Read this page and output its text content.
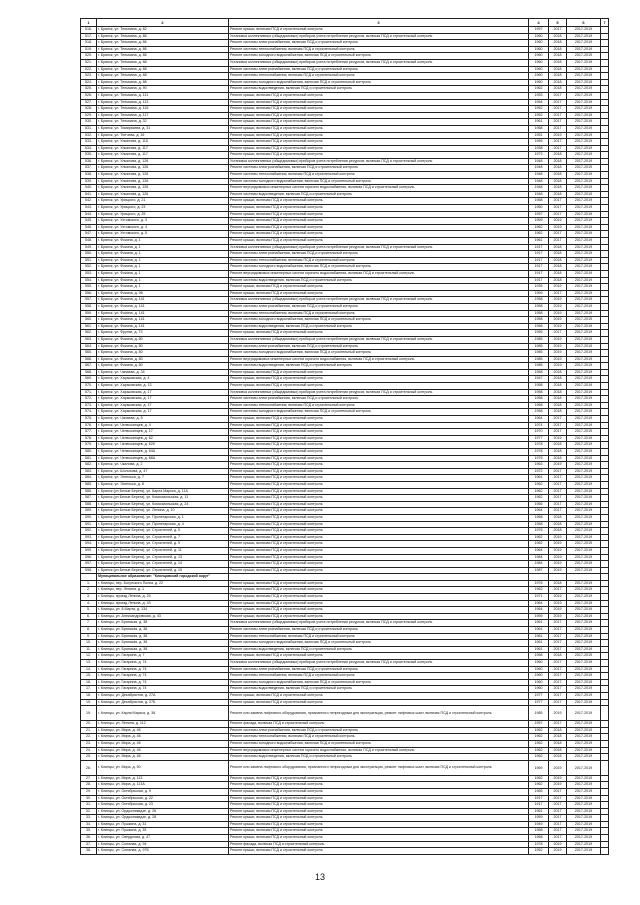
1	2	3	4	5	6	7
516.	г. Брянск, ул. Тельмана, д. 82	Ремонт крыши, включая ПСД и строительный контроль	1957	2017	2017-2019	
517.	г. Брянск, ул. Тельмана, д. 86	Установка коллективных (общедомовых) приборов учета потребления ресурсов, включая ПСД и строительный контроль	1960	2018	2017-2019	
518.	г. Брянск, ул. Тельмана, д. 86	Ремонт системы электроснабжения, включая ПСД и строительный контроль	1960	2018	2017-2019	
519.	г. Брянск, ул. Тельмана, д. 86	Ремонт системы теплоснабжения, включая ПСД и строительный контроль	1960	2018	2017-2019	
520.	г. Брянск, ул. Тельмана, д. 86	Ремонт системы холодного водоснабжения, включая ПСД и строительный контроль	1960	2018	2017-2019	
521.	г. Брянск, ул. Тельмана, д. 88	Установка коллективных (общедомовых) приборов учета потребления ресурсов, включая ПСД и строительный контроль	1960	2018	2017-2019	
522.	г. Брянск, ул. Тельмана, д. 88	Ремонт системы электроснабжения, включая ПСД и строительный контроль	1960	2018	2017-2019	
523.	г. Брянск, ул. Тельмана, д. 88	Ремонт системы теплоснабжения, включая ПСД и строительный контроль	1960	2018	2017-2019	
524.	г. Брянск, ул. Тельмана, д. 88	Ремонт системы холодного водоснабжения, включая ПСД и строительный контроль	1960	2018	2017-2019	
525.	г. Брянск, ул. Тельмана, д. 90	Ремонт системы водоотведения, включая ПСД и строительный контроль	1962	2018	2017-2019	
526.	г. Брянск, ул. Тельмана, д. 111	Ремонт крыши, включая ПСД и строительный контроль	1953	2017	2017-2019	
527.	г. Брянск, ул. Тельмана, д. 113	Ремонт крыши, включая ПСД и строительный контроль	1954	2017	2017-2019	
528.	г. Брянск, ул. Тельмана, д. 115	Ремонт крыши, включая ПСД и строительный контроль	1952	2017	2017-2019	
529.	г. Брянск, ул. Тельмана, д. 117	Ремонт крыши, включая ПСД и строительный контроль	1952	2017	2017-2019	
530.	г. Брянск, ул. Тельмана, д. 32	Ремонт крыши, включая ПСД и строительный контроль	1961	2017	2017-2019	
531.	г. Брянск, ул. Тимирязева, д. 31	Ремонт крыши, включая ПСД и строительный контроль	1958	2017	2017-2019	
532.	г. Брянск, ул. Тютчева, д. 16	Ремонт крыши, включая ПСД и строительный контроль	1951	2019	2017-2019	
533.	г. Брянск, ул. Ульянова, д. 115	Ремонт крыши, включая ПСД и строительный контроль	1955	2017	2017-2019	
534.	г. Брянск, ул. Ульянова, д. 117	Ремонт крыши, включая ПСД и строительный контроль	1938	2017	2017-2019	
535.	г. Брянск, ул. Ульянова, д. 117	Ремонт крыши, включая ПСД и строительный контроль	1973	2018	2017-2019	
536.	г. Брянск, ул. Ульянова, д. 126	Установка коллективных (общедомовых) приборов учета потребления ресурсов, включая ПСД и строительный контроль	1948	2018	2017-2019	
537.	г. Брянск, ул. Ульянова, д. 126	Ремонт системы электроснабжения, включая ПСД и строительный контроль	1948	2018	2017-2019	
538.	г. Брянск, ул. Ульянова, д. 126	Ремонт системы теплоснабжения, включая ПСД и строительный контроль	1948	2018	2017-2019	
539.	г. Брянск, ул. Ульянова, д. 126	Ремонт системы холодного водоснабжения, включая ПСД и строительный контроль	1948	2018	2017-2019	
540.	г. Брянск, ул. Ульянова, д. 126	Ремонт внутридомовых инженерных систем горячего водоснабжения, включая ПСД и строительный контроль	1948	2018	2017-2019	
541.	г. Брянск, ул. Ульянова, д. 126	Ремонт системы водоотведения, включая ПСД и строительный контроль	1948	2018	2017-2019	
542.	г. Брянск, ул. Урицкого, д. 21	Ремонт крыши, включая ПСД и строительный контроль	1958	2017	2017-2019	
543.	г. Брянск, ул. Урицкого, д. 23	Ремонт крыши, включая ПСД и строительный контроль	1950	2017	2017-2019	
544.	г. Брянск, ул. Урицкого, д. 25	Ремонт крыши, включая ПСД и строительный контроль	1957	2017	2017-2019	
545.	г. Брянск, ул. Ухтомского, д. 3	Ремонт крыши, включая ПСД и строительный контроль	1959	2019	2017-2019	
546.	г. Брянск, ул. Ухтомского, д. 4	Ремонт крыши, включая ПСД и строительный контроль	1962	2019	2017-2019	
547.	г. Брянск, ул. Ухтомского, д. 5	Ремонт крыши, включая ПСД и строительный контроль	1962	2017	2017-2019	
548.	г. Брянск, ул. Фокина, д. 1	Ремонт крыши, включая ПСД и строительный контроль	1961	2017	2017-2019	
549.	г. Брянск, ул. Фокина, д. 1	Установка коллективных (общедомовых) приборов учета потребления ресурсов, включая ПСД и строительный контроль	1917	2018	2017-2019	
550.	г. Брянск, ул. Фокина, д. 1	Ремонт системы электроснабжения, включая ПСД и строительный контроль	1917	2018	2017-2019	
551.	г. Брянск, ул. Фокина, д. 1	Ремонт системы теплоснабжения, включая ПСД и строительный контроль	1917	2018	2017-2019	
552.	г. Брянск, ул. Фокина, д. 1	Ремонт системы холодного водоснабжения, включая ПСД и строительный контроль	1917	2018	2017-2019	
553.	г. Брянск, ул. Фокина, д. 1	Ремонт внутридомовых инженерных систем горячего водоснабжения, включая ПСД и строительный контроль	1917	2018	2017-2019	
554.	г. Брянск, ул. Фокина, д. 1	Ремонт системы водоотведения, включая ПСД и строительный контроль	1917	2018	2017-2019	
555.	г. Брянск, ул. Фокина, д. 1	Ремонт крыши, включая ПСД и строительный контроль	1935	2019	2017-2019	
556.	г. Брянск, ул. Фокина, д. 98	Ремонт крыши, включая ПСД и строительный контроль	1959	2017	2017-2019	
557.	г. Брянск, ул. Фокина, д. 141	Установка коллективных (общедомовых) приборов учета потребления ресурсов, включая ПСД и строительный контроль	1958	2019	2017-2019	
558.	г. Брянск, ул. Фокина, д. 141	Ремонт системы электроснабжения, включая ПСД и строительный контроль	1958	2019	2017-2019	
559.	г. Брянск, ул. Фокина, д. 141	Ремонт системы теплоснабжения, включая ПСД и строительный контроль	1958	2019	2017-2019	
560.	г. Брянск, ул. Фокина, д. 141	Ремонт системы холодного водоснабжения, включая ПСД и строительный контроль	1958	2019	2017-2019	
561.	г. Брянск, ул. Фокина, д. 141	Ремонт системы водоотведения, включая ПСД и строительный контроль	1958	2019	2017-2019	
562.	г. Брянск, ул. Фрунзе, д. 73	Ремонт крыши, включая ПСД и строительный контроль	1955	2017	2017-2019	
563.	г. Брянск, ул. Фокина, д. 80	Установка коллективных (общедомовых) приборов учета потребления ресурсов, включая ПСД и строительный контроль	1985	2019	2017-2019	
564.	г. Брянск, ул. Фокина, д. 80	Ремонт системы электроснабжения, включая ПСД и строительный контроль	1985	2019	2017-2019	
565.	г. Брянск, ул. Фокина, д. 80	Ремонт системы холодного водоснабжения, включая ПСД и строительный контроль	1985	2019	2017-2019	
566.	г. Брянск, ул. Фокина, д. 80	Ремонт внутридомовых инженерных систем горячего водоснабжения, включая ПСД и строительный контроль	1985	2019	2017-2019	
567.	г. Брянск, ул. Фокина, д. 80	Ремонт системы водоотведения, включая ПСД и строительный контроль	1985	2019	2017-2019	
568.	г. Брянск, ул. Чапаева, д. 34	Ремонт крыши, включая ПСД и строительный контроль	1958	2018	2017-2019	
569.	г. Брянск, ул. Харьковская, д. 4	Ремонт крыши, включая ПСД и строительный контроль	1947	2018	2017-2019	
570.	г. Брянск, ул. Харьковская, д. 13	Ремонт крыши, включая ПСД и строительный контроль	1958	2018	2017-2019	
571.	г. Брянск, ул. Харьковская, д. 17	Установка коллективных (общедомовых) приборов учета потребления ресурсов, включая ПСД и строительный контроль	1958	2018	2017-2019	
572.	г. Брянск, ул. Харьковская, д. 17	Ремонт системы электроснабжения, включая ПСД и строительный контроль	1958	2018	2017-2019	
573.	г. Брянск, ул. Харьковская, д. 17	Ремонт системы теплоснабжения, включая ПСД и строительный контроль	1958	2018	2017-2019	
574.	г. Брянск, ул. Харьковская, д. 17	Ремонт системы холодного водоснабжения, включая ПСД и строительный контроль	1958	2018	2017-2019	
575.	г. Брянск, ул. Чапаева, д. 5	Ремонт крыши, включая ПСД и строительный контроль	1964	2017	2017-2019	
576.	г. Брянск, ул. Челюскинцев, д. 4	Ремонт крыши, включая ПСД и строительный контроль	1974	2017	2017-2019	
577.	г. Брянск, ул. Челюскинцев, д. 17	Ремонт крыши, включая ПСД и строительный контроль	1970	2017	2017-2019	
578.	г. Брянск, ул. Челюскинцев, д. 62	Ремонт крыши, включая ПСД и строительный контроль	1977	2019	2017-2019	
579.	г. Брянск, ул. Челюскинцев, д. 62б	Ремонт крыши, включая ПСД и строительный контроль	1978	2018	2017-2019	
580.	г. Брянск, ул. Челюскинцев, д. 64А	Ремонт крыши, включая ПСД и строительный контроль	1978	2018	2017-2019	
581.	г. Брянск, ул. Челюскинцев, д. 68А	Ремонт крыши, включая ПСД и строительный контроль	1976	2018	2017-2019	
582.	г. Брянск, ул. Чкалова, д. 2	Ремонт крыши, включая ПСД и строительный контроль	1963	2019	2017-2019	
583.	г. Брянск, ул. Шолохова, д. 47	Ремонт крыши, включая ПСД и строительный контроль	1972	2017	2017-2019	
584.	г. Брянск, ул. Энгельса, д. 7	Ремонт крыши, включая ПСД и строительный контроль	1961	2017	2017-2019	
585.	г. Брянск, ул. Энгельса, д. 8	Ремонт крыши, включая ПСД и строительный контроль	1962	2017	2017-2019	
586.	г. Брянск (рп Белые Берега), ул. Карла Маркса, д. 11А	Ремонт крыши, включая ПСД и строительный контроль	1962	2017	2017-2019	
587.	г. Брянск (рп Белые Берега), ул. Комсомольская, д. 11	Ремонт крыши, включая ПСД и строительный контроль	1962	2017	2017-2019	
588.	г. Брянск (рп Белые Берега), ул. Комсомольская, д. 24	Ремонт крыши, включая ПСД и строительный контроль	1956	2017	2017-2019	
589.	г. Брянск (рп Белые Берега), ул. Ленина, д. 10	Ремонт крыши, включая ПСД и строительный контроль	1964	2017	2017-2019	
590.	г. Брянск (рп Белые Берега), ул. Пролетарская, д. 1	Ремонт крыши, включая ПСД и строительный контроль	1958	2018	2017-2019	
591.	г. Брянск (рп Белые Берега), ул. Пролетарская, д. 4	Ремонт крыши, включая ПСД и строительный контроль	1958	2018	2017-2019	
592.	г. Брянск (рп Белые Берега), ул. Строителей, д. 5	Ремонт крыши, включая ПСД и строительный контроль	1976	2018	2017-2019	
593.	г. Брянск (рп Белые Берега), ул. Строителей, д. 7	Ремонт крыши, включая ПСД и строительный контроль	1962	2019	2017-2019	
594.	г. Брянск (рп Белые Берега), ул. Строителей, д. 9	Ремонт крыши, включая ПСД и строительный контроль	1962	2019	2017-2019	
595.	г. Брянск (рп Белые Берега), ул. Строителей, д. 11	Ремонт крыши, включая ПСД и строительный контроль	1964	2019	2017-2019	
596.	г. Брянск (рп Белые Берега), ул. Строителей, д. 13	Ремонт крыши, включая ПСД и строительный контроль	1984	2019	2017-2019	
597.	г. Брянск (рп Белые Берега), ул. Строителей, д. 14	Ремонт крыши, включая ПСД и строительный контроль	1984	2019	2017-2019	
598.	г. Брянск (рп Белые Берега), ул. Строителей, д. 15	Ремонт крыши, включая ПСД и строительный контроль	1987	2019	2017-2019	
	Муниципальное образование: "Клинцовский городской округ"					
1.	г. Клинцы, пер. Богунского Полка, д. 22	Ремонт крыши, включая ПСД и строительный контроль	1976	2018	2017-2019	
2.	г. Клинцы, пер. Ленина, д. 1	Ремонт крыши, включая ПСД и строительный контроль	1962	2017	2017-2019	
3.	г. Клинцы, проезд Ленина, д. 24	Ремонт крыши, включая ПСД и строительный контроль	1971	2019	2017-2019	
4.	г. Клинцы, проезд Ленина, д. 43	Ремонт крыши, включая ПСД и строительный контроль	1964	2019	2017-2019	
5.	г. Клинцы, ул. 8 Марта, д. 134	Ремонт крыши, включая ПСД и строительный контроль	1964	2019	2017-2019	
6.	г. Клинцы, ул. Александровская, д. 43	Ремонт крыши, включая ПСД и строительный контроль	1959	2019	2017-2019	
7.	г. Клинцы, ул. Брянская, д. 38	Установка коллективных (общедомовых) приборов учета потребления ресурсов, включая ПСД и строительный контроль	1961	2017	2017-2019	
8.	г. Клинцы, ул. Брянская, д. 38	Ремонт системы электроснабжения, включая ПСД и строительный контроль	1961	2017	2017-2019	
9.	г. Клинцы, ул. Брянская, д. 38	Ремонт системы теплоснабжения, включая ПСД и строительный контроль	1961	2017	2017-2019	
10.	г. Клинцы, ул. Брянская, д. 38	Ремонт системы холодного водоснабжения, включая ПСД и строительный контроль	1961	2017	2017-2019	
11.	г. Клинцы, ул. Брянская, д. 38	Ремонт системы водоотведения, включая ПСД и строительный контроль	1961	2017	2017-2019	
12.	г. Клинцы, ул. Гагарина, д. 7	Ремонт крыши, включая ПСД и строительный контроль	1958	2018	2017-2019	
13.	г. Клинцы, ул. Гагарина, д. 74	Установка коллективных (общедомовых) приборов учета потребления ресурсов, включая ПСД и строительный контроль	1960	2017	2017-2019	
14.	г. Клинцы, ул. Гагарина, д. 74	Ремонт системы электроснабжения, включая ПСД и строительный контроль	1960	2017	2017-2019	
15.	г. Клинцы, ул. Гагарина, д. 74	Ремонт системы теплоснабжения, включая ПСД и строительный контроль	1960	2017	2017-2019	
16.	г. Клинцы, ул. Гагарина, д. 74	Ремонт системы холодного водоснабжения, включая ПСД и строительный контроль	1960	2017	2017-2019	
17.	г. Клинцы, ул. Гагарина, д. 74	Ремонт системы водоотведения, включая ПСД и строительный контроль	1960	2017	2017-2019	
18.	г. Клинцы, ул. Декабристов, д. 27А	Ремонт крыши, включая ПСД и строительный контроль	1977	2017	2017-2019	
19.	г. Клинцы, ул. Декабристов, д. 27Б	Ремонт крыши, включая ПСД и строительный контроль	1977	2017	2017-2019	
19.	г. Клинцы, ул. Карла Маркса, д. 38	Ремонт или замена лифтового оборудования, признанного непригодным для эксплуатации, ремонт лифтовых шахт, включая ПСД и строительный контроль	1985	2019	2017-2019	
20.	г. Клинцы, ул. Ленина, д. 112	Ремонт фасада, включая ПСД и строительный контроль	1957	2017	2017-2019	
21.	г. Клинцы, ул. Мира, д. 46	Ремонт системы электроснабжения, включая ПСД и строительный контроль	1962	2018	2017-2019	
22.	г. Клинцы, ул. Мира, д. 46	Ремонт системы теплоснабжения, включая ПСД и строительный контроль	1962	2018	2017-2019	
23.	г. Клинцы, ул. Мира, д. 46	Ремонт системы холодного водоснабжения, включая ПСД и строительный контроль	1962	2018	2017-2019	
24.	г. Клинцы, ул. Мира, д. 46	Ремонт внутридомовых инженерных систем горячего водоснабжения, включая ПСД и строительный контроль	1962	2018	2017-2019	
25.	г. Клинцы, ул. Мира, д. 46	Ремонт системы водоотведения, включая ПСД и строительный контроль	1962	2018	2017-2019	
26.	г. Клинцы, ул. Мира, д. 50	Ремонт или замена лифтового оборудования, признанного непригодным для эксплуатации, ремонт лифтовых шахт, включая ПСД и строительный контроль	1969	2019	2017-2019	
27.	г. Клинцы, ул. Мира, д. 113	Ремонт крыши, включая ПСД и строительный контроль	1962	2019	2017-2019	
28.	г. Клинцы, ул. Мира, д. 113А	Ремонт крыши, включая ПСД и строительный контроль	1962	2019	2017-2019	
29.	г. Клинцы, ул. Октябрьская, д. 9	Ремонт крыши, включая ПСД и строительный контроль	1965	2017	2017-2019	
30.	г. Клинцы, ул. Октябрьская, д. 22	Ремонт крыши, включая ПСД и строительный контроль	1917	2017	2017-2019	
31.	г. Клинцы, ул. Октябрьская, д. 23	Ремонт крыши, включая ПСД и строительный контроль	1917	2017	2017-2019	
32.	г. Клинцы, ул. Орджоникидзе, д. 26	Ремонт крыши, включая ПСД и строительный контроль	1961	2017	2017-2019	
33.	г. Клинцы, ул. Орджоникидзе, д. 28	Ремонт крыши, включая ПСД и строительный контроль	1959	2017	2017-2019	
34.	г. Клинцы, ул. Пушкина, д. 31	Ремонт крыши, включая ПСД и строительный контроль	1949	2017	2017-2019	
35.	г. Клинцы, ул. Пушкина, д. 35	Ремонт крыши, включая ПСД и строительный контроль	1958	2017	2017-2019	
36.	г. Клинцы, ул. Свердлова, д. 47	Ремонт крыши, включая ПСД и строительный контроль	1958	2017	2017-2019	
37.	г. Клинцы, ул. Союзная, д. 94	Ремонт фасада, включая ПСД и строительный контроль	1978	2019	2017-2019	
38.	г. Клинцы, ул. Союзная, д. 97Б	Ремонт крыши, включая ПСД и строительный контроль	1952	2019	2017-2019	
13
